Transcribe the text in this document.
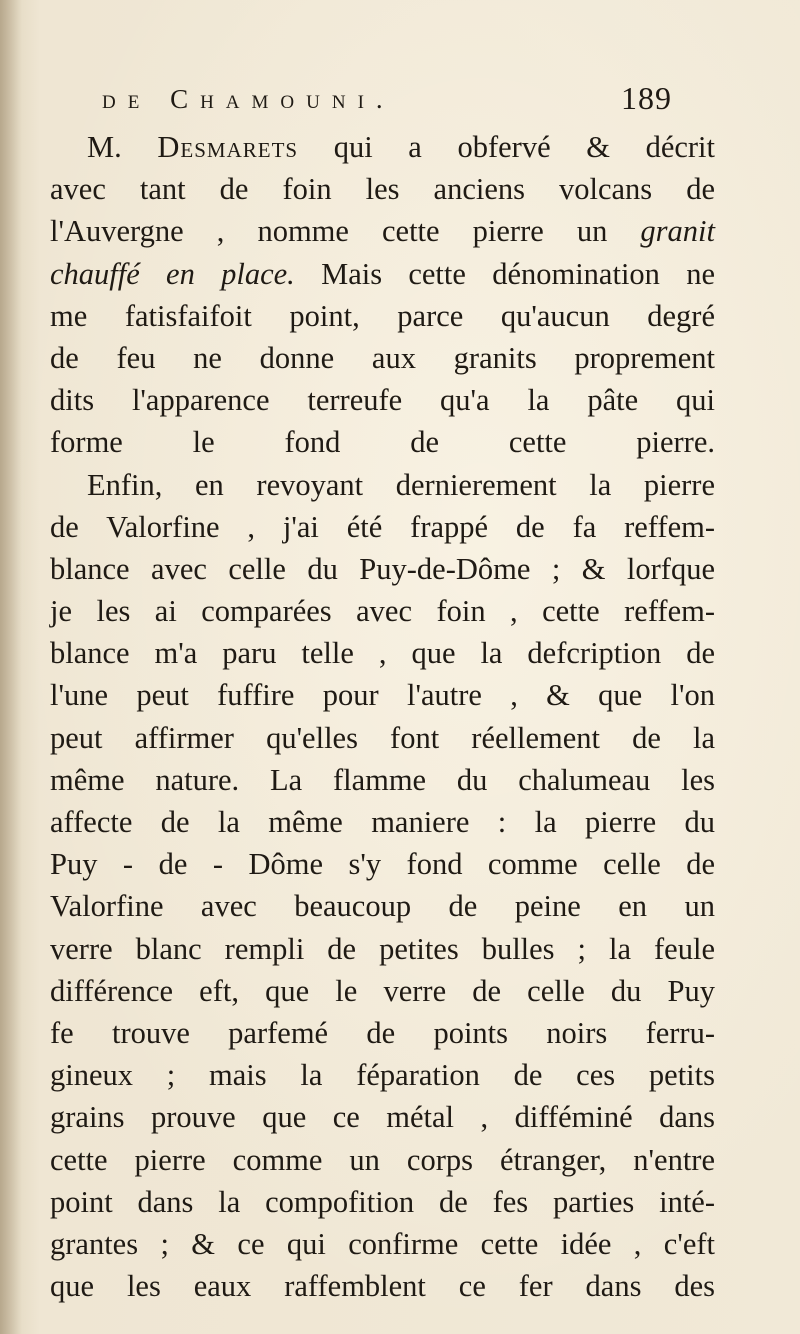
de Chamouni.	189
M. Desmarets qui a obfervé & décrit
avec tant de foin les anciens volcans de
l'Auvergne , nomme cette pierre un granit
chauffé en place. Mais cette dénomination ne
me fatisfaifoit point, parce qu'aucun degré
de feu ne donne aux granits proprement
dits l'apparence terreufe qu'a la pâte qui
forme le fond de cette pierre.
Enfin, en revoyant dernierement la pierre
de Valorfine , j'ai été frappé de fa reffem-
blance avec celle du Puy-de-Dôme ; & lorfque
je les ai comparées avec foin , cette reffem-
blance m'a paru telle , que la defcription de
l'une peut fuffire pour l'autre , & que l'on
peut affirmer qu'elles font réellement de la
même nature. La flamme du chalumeau les
affecte de la même maniere : la pierre du
Puy - de - Dôme s'y fond comme celle de
Valorfine avec beaucoup de peine en un
verre blanc rempli de petites bulles ; la feule
différence eft, que le verre de celle du Puy
fe trouve parfemé de points noirs ferru-
gineux ; mais la féparation de ces petits
grains prouve que ce métal , difféminé dans
cette pierre comme un corps étranger, n'entre
point dans la compofition de fes parties inté-
grantes ; & ce qui confirme cette idée , c'eft
que les eaux raffemblent ce fer dans des
